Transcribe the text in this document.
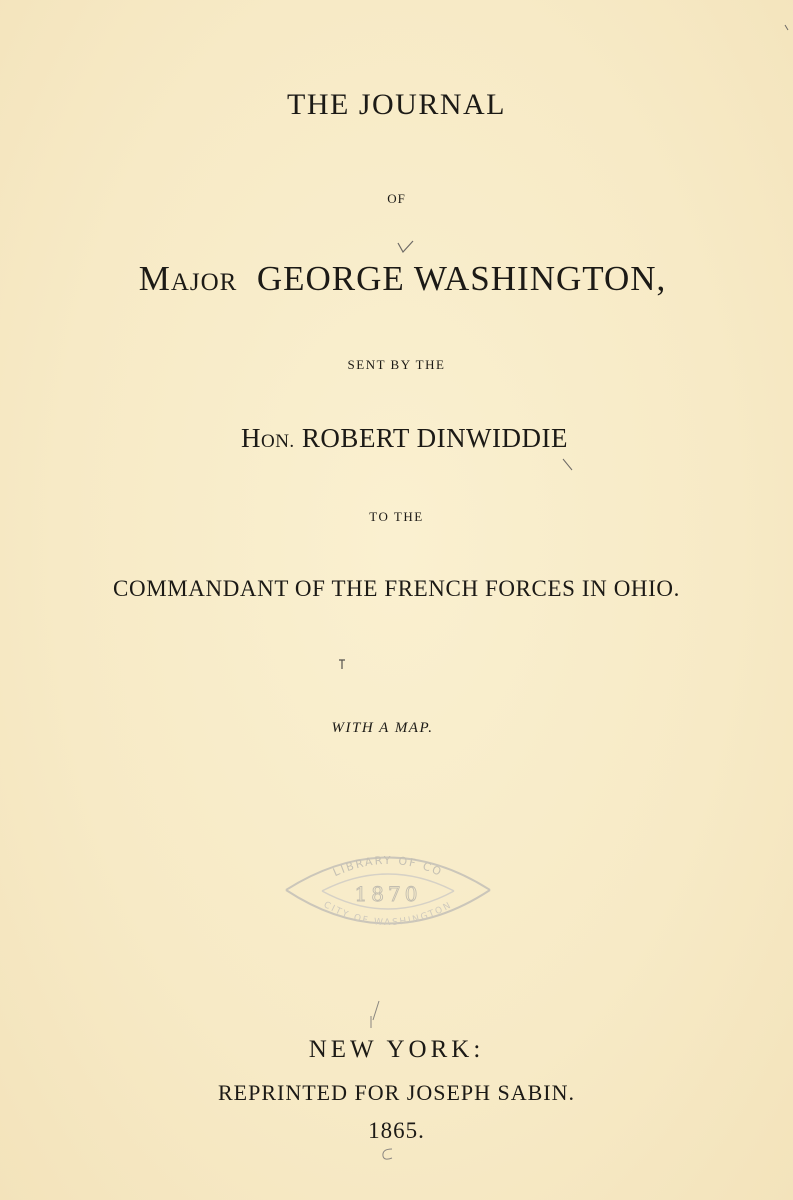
THE JOURNAL
OF
MAJOR GEORGE WASHINGTON,
SENT BY THE
HON. ROBERT DINWIDDIE
TO THE
COMMANDANT OF THE FRENCH FORCES IN OHIO.
WITH A MAP.
LIBRARY OF CO
1870
CITY OF WASHINGTON
NEW YORK:
REPRINTED FOR JOSEPH SABIN.
1865.
